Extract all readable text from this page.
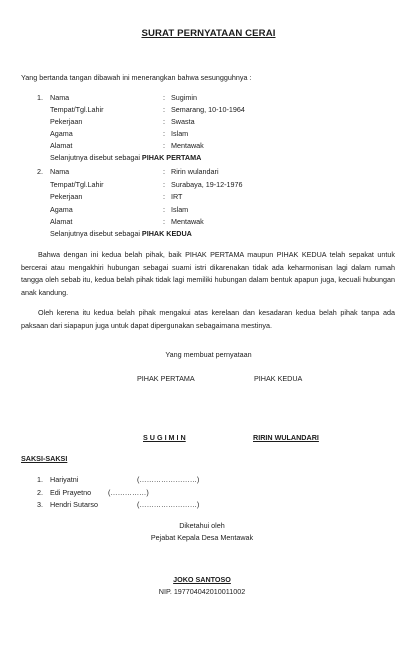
SURAT PERNYATAAN CERAI
Yang bertanda tangan dibawah ini menerangkan bahwa sesungguhnya :
1. Nama	: Sugimin
Tempat/Tgl.Lahir	: Semarang, 10-10-1964
Pekerjaan	: Swasta
Agama	: Islam
Alamat	: Mentawak
Selanjutnya disebut sebagai PIHAK PERTAMA
2. Nama	: Ririn wulandari
Tempat/Tgl.Lahir	: Surabaya, 19-12-1976
Pekerjaan	: IRT
Agama	: Islam
Alamat	: Mentawak
Selanjutnya disebut sebagai PIHAK KEDUA
Bahwa dengan ini kedua belah pihak, baik PIHAK PERTAMA maupun PIHAK KEDUA telah sepakat untuk bercerai atau mengakhiri hubungan sebagai suami istri dikarenakan tidak ada keharmonisan lagi dalam rumah tangga oleh sebab itu, kedua belah pihak tidak lagi memiliki hubungan dalam bentuk apapun juga, kecuali hubungan anak kandung.
Oleh kerena itu kedua belah pihak mengakui atas kerelaan dan kesadaran kedua belah pihak tanpa ada paksaan dari siapapun juga untuk dapat dipergunakan sebagaimana mestinya.
Yang membuat pernyataan
PIHAK PERTAMA	PIHAK KEDUA
S U G I M I N	RIRIN WULANDARI
SAKSI-SAKSI
1. Hariyatni	(……………………)
2. Edi Prayetno (……………)
3. Hendri Sutarso	(……………………)
Diketahui oleh
Pejabat Kepala Desa Mentawak
JOKO SANTOSO
NIP. 197704042010011002
